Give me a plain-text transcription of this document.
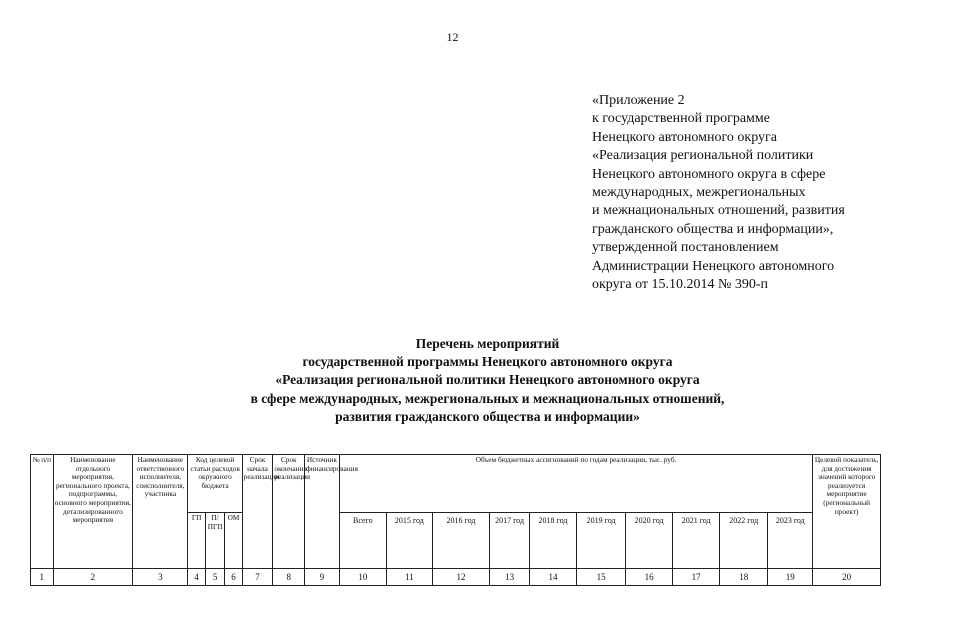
12
«Приложение 2
к государственной программе
Ненецкого автономного округа
«Реализация региональной политики
Ненецкого автономного округа в сфере
международных, межрегиональных
и межнациональных отношений, развития
гражданского общества и информации»,
утвержденной постановлением
Администрации Ненецкого автономного
округа от 15.10.2014 № 390-п
Перечень мероприятий
государственной программы Ненецкого автономного округа
«Реализация региональной политики Ненецкого автономного округа
в сфере международных, межрегиональных и межнациональных отношений,
развития гражданского общества и информации»
№ п/п	Наименование отдельного мероприятия, регионального проекта, подпрограммы, основного мероприятия, детализированного мероприятия	Наименование ответственного исполнителя, соисполнителя, участника	Код целевой статьи расходов окружного бюджета			Срок начала реализации	Срок окончания реализации	Источник финансирования	Объем бюджетных ассигнований по годам реализации, тыс. руб.										Целевой показатель, для достижения значений которого реализуется мероприятие (региональный проект)
			ГП	П/ ПГП	ОМ				Всего	2015 год	2016 год	2017 год	2018 год	2019 год	2020 год	2021 год	2022 год	2023 год	
1	2	3	4	5	6	7	8	9	10	11	12	13	14	15	16	17	18	19	20
